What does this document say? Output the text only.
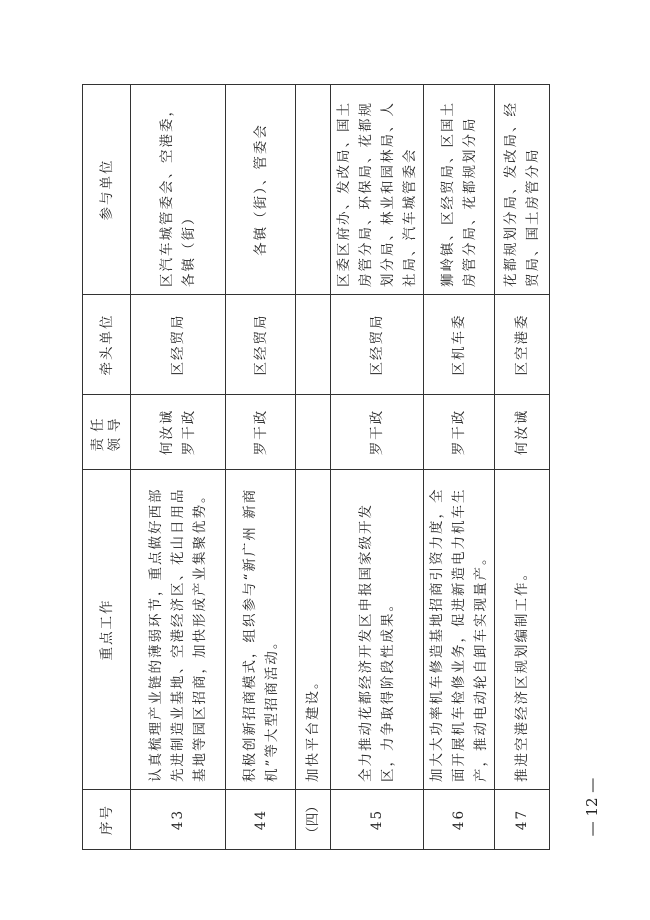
序号	重点工作	责任领导	牵头单位	参与单位
43	认真梳理产业链的薄弱环节，重点做好西部先进制造业基地、空港经济区、花山日用品基地等园区招商，加快形成产业集聚优势。	何汝诚 罗干政	区经贸局	区汽车城管委会、空港委，各镇（街）
44	积极创新招商模式，组织参与“新广州 新商机”等大型招商活动。	罗干政	区经贸局	各镇（街）、管委会
（四）	加快平台建设。			
45	全力推动花都经济开发区申报国家级开发区，力争取得阶段性成果。	罗干政	区经贸局	区委区府办、发改局、国土房管分局、环保局、花都规划分局、林业和园林局、人社局、汽车城管委会
46	加大大功率机车修造基地招商引资力度，全面开展机车检修业务，促进新造电力机车生产，推动电动轮自卸车实现量产。	罗干政	区机车委	狮岭镇、区经贸局、区国土房管分局、花都规划分局
47	推进空港经济区规划编制工作。	何汝诚	区空港委	花都规划分局、发改局、经贸局、国土房管分局
— 12 —
